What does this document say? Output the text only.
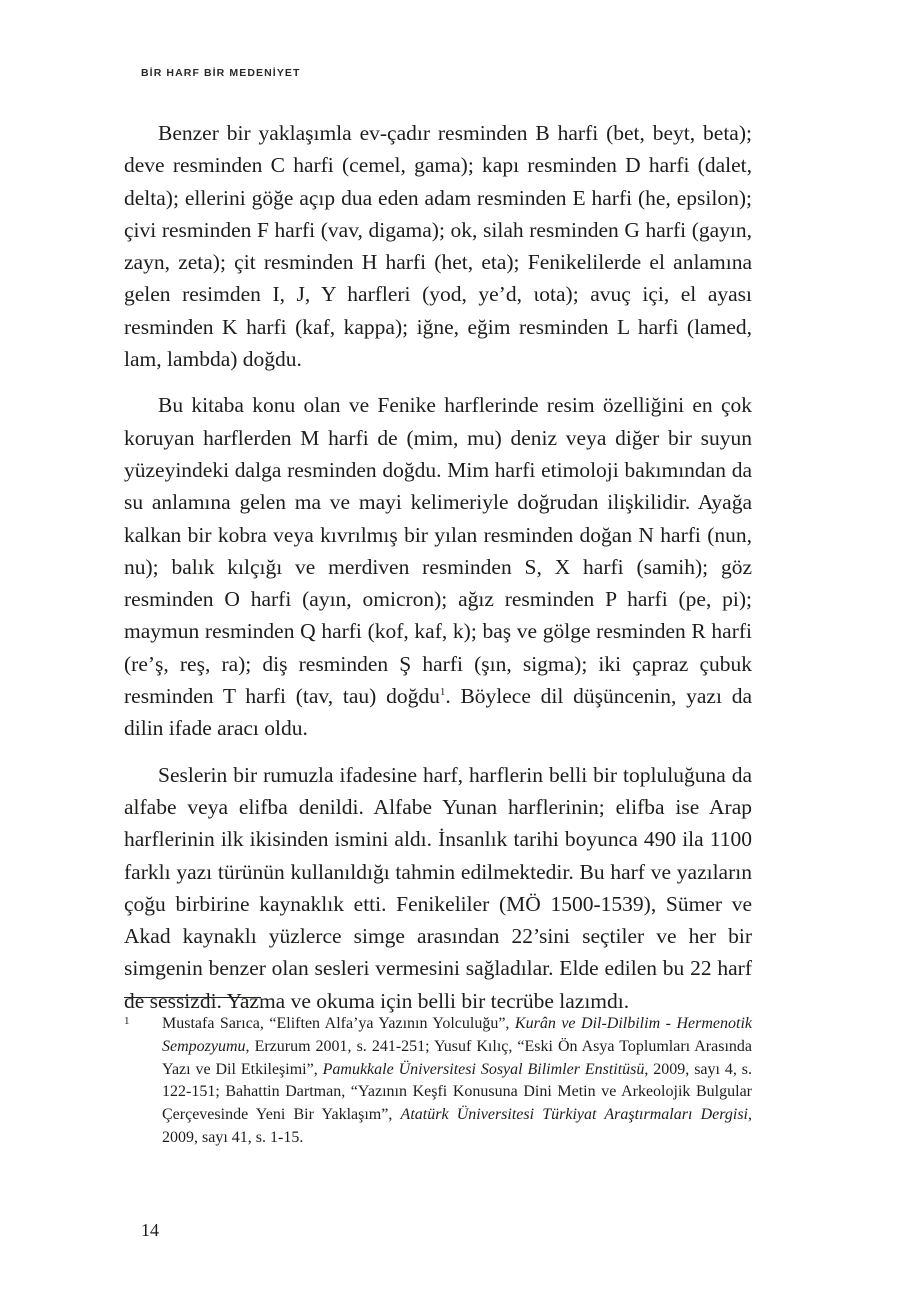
BİR HARF BİR MEDENİYET

Benzer bir yaklaşımla ev-çadır resminden B harfi (bet, beyt, beta); deve resminden C harfi (cemel, gama); kapı resminden D harfi (dalet, delta); ellerini göğe açıp dua eden adam resminden E harfi (he, epsilon); çivi resminden F harfi (vav, digama); ok, silah resminden G harfi (gayın, zayn, zeta); çit resminden H harfi (het, eta); Fenikelilerde el anlamına gelen resimden I, J, Y harfleri (yod, ye’d, ιοta); avuç içi, el ayası resminden K harfi (kaf, kappa); iğne, eğim resminden L harfi (lamed, lam, lambda) doğdu.

Bu kitaba konu olan ve Fenike harflerinde resim özelliğini en çok koruyan harflerden M harfi de (mim, mu) deniz veya diğer bir suyun yüzeyindeki dalga resminden doğdu. Mim harfi etimoloji bakımından da su anlamına gelen ma ve mayi kelimeriyle doğrudan ilişkilidir. Ayağa kalkan bir kobra veya kıvrılmış bir yılan resminden doğan N harfi (nun, nu); balık kılçığı ve merdiven resminden S, X harfi (samih); göz resminden O harfi (ayın, omicron); ağız resminden P harfi (pe, pi); maymun resminden Q harfi (kof, kaf, k); baş ve gölge resminden R harfi (re’ş, reş, ra); diş resminden Ş harfi (şın, sigma); iki çapraz çubuk resminden T harfi (tav, tau) doğdu$^1$. Böylece dil düşüncenin, yazı da dilin ifade aracı oldu.

Seslerin bir rumuzla ifadesine harf, harflerin belli bir topluluğuna da alfabe veya elifba denildi. Alfabe Yunan harflerinin; elifba ise Arap harflerinin ilk ikisinden ismini aldı. İnsanlık tarihi boyunca 490 ila 1100 farklı yazı türünün kullanıldığı tahmin edilmektedir. Bu harf ve yazıların çoğu birbirine kaynaklık etti. Fenikeliler (MÖ 1500-1539), Sümer ve Akad kaynaklı yüzlerce simge arasından 22’sini seçtiler ve her bir simgenin benzer olan sesleri vermesini sağladılar. Elde edilen bu 22 harf de sessizdi. Yazma ve okuma için belli bir tecrübe lazımdı.

1	Mustafa Sarıca, “Eliften Alfa’ya Yazının Yolculuğu”, Kurân ve Dil-Dilbilim - Hermenotik Sempozyumu, Erzurum 2001, s. 241-251; Yusuf Kılıç, “Eski Ön Asya Toplumları Arasında Yazı ve Dil Etkileşimi”, Pamukkale Üniversitesi Sosyal Bilimler Enstitüsü, 2009, sayı 4, s. 122-151; Bahattin Dartman, “Yazının Keşfi Konusuna Dini Metin ve Arkeolojik Bulgular Çerçevesinde Yeni Bir Yaklaşım”, Atatürk Üniversitesi Türkiyat Araştırmaları Dergisi, 2009, sayı 41, s. 1-15.
14
